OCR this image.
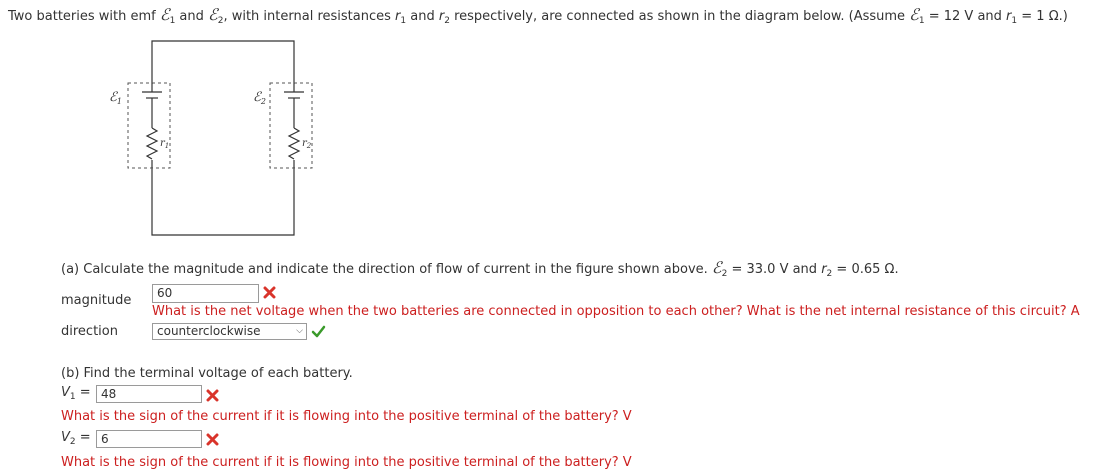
Two batteries with emf ℰ$_1$ and ℰ$_2$, with internal resistances $r_1$ and $r_2$ respectively, are connected as shown in the diagram below. (Assume ℰ$_1$ = 12 V and $r_1 = 1$ Ω.)
ℰ$_1$	ℰ$_2$
$r_1$	$r_2$
(a) Calculate the magnitude and indicate the direction of flow of current in the figure shown above. ℰ$_2$ = 33.0 V and $r_2 = 0.65$ Ω.
magnitude	60
What is the net voltage when the two batteries are connected in opposition to each other? What is the net internal resistance of this circuit? A
direction	counterclockwise	⌵
(b) Find the terminal voltage of each battery.
$V_1 = 48$
What is the sign of the current if it is flowing into the positive terminal of the battery? V
$V_2 = 6$
What is the sign of the current if it is flowing into the positive terminal of the battery? V
